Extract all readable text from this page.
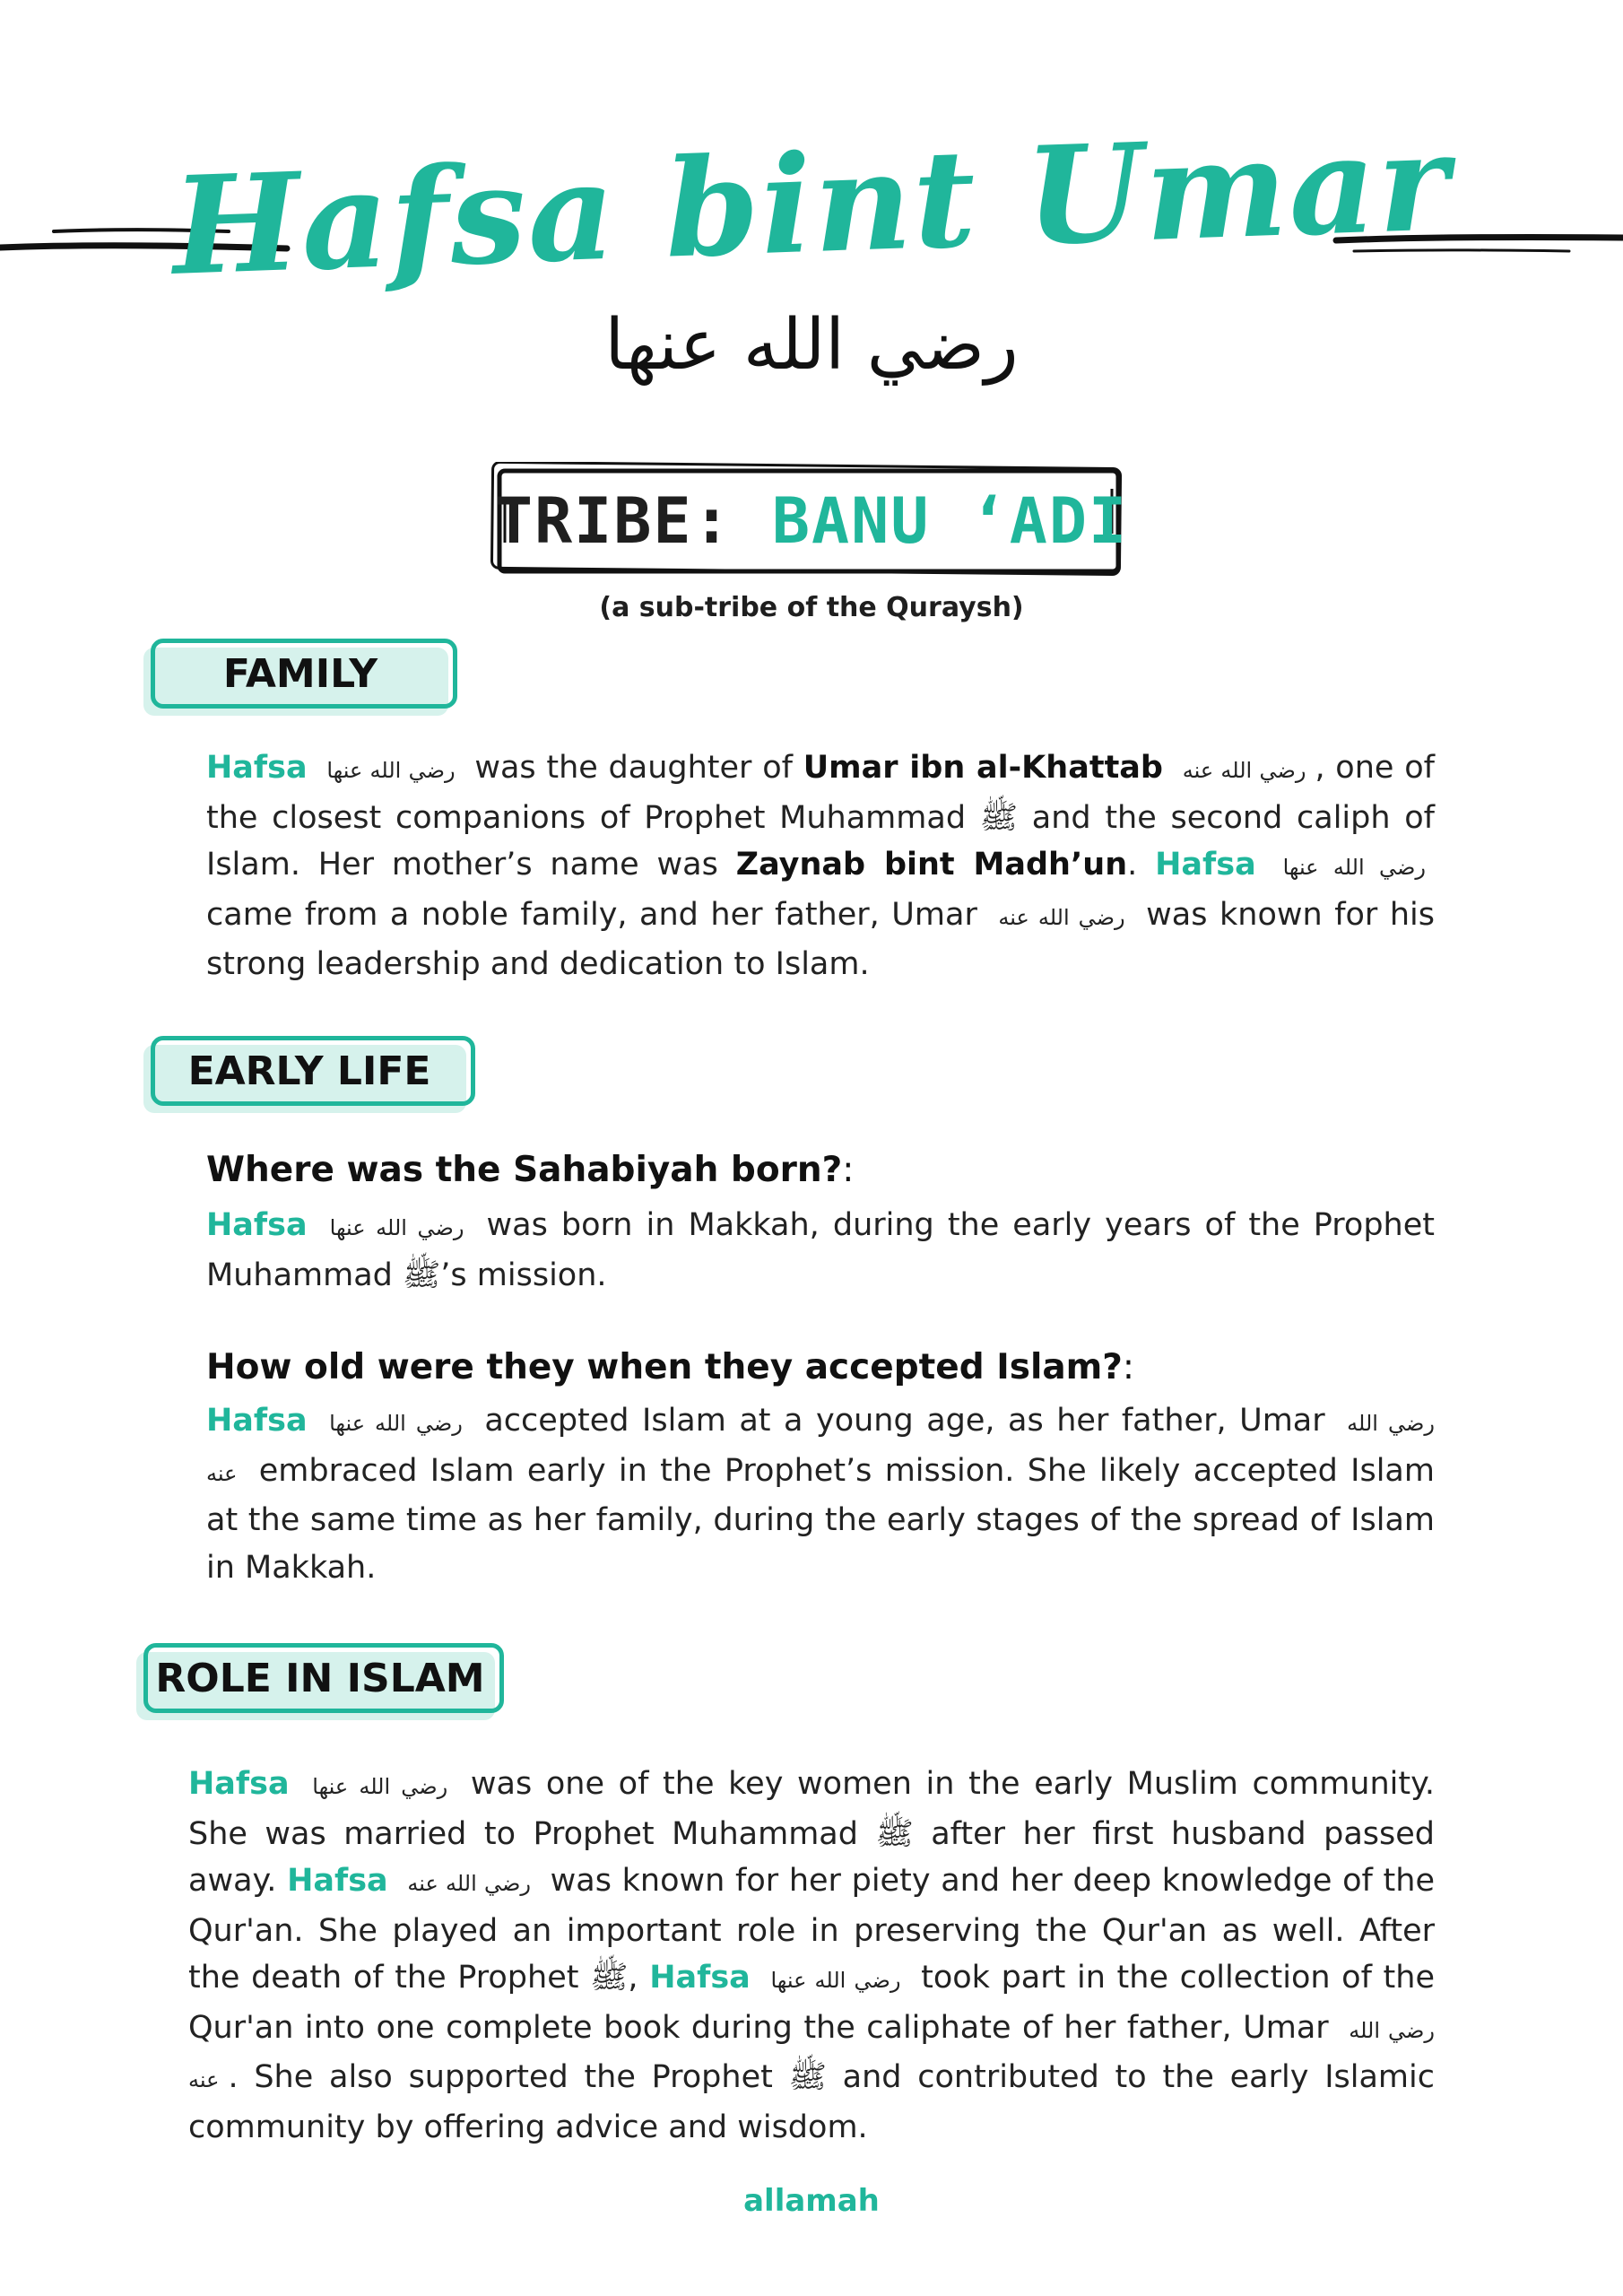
Hafsa bint Umar
رضي الله عنها
TRIBE: BANU ‘ADI
(a sub-tribe of the Quraysh)
FAMILY
Hafsa رضي الله عنها was the daughter of Umar ibn al-Khattab رضي الله عنه , one of the closest companions of Prophet Muhammad ﷺ and the second caliph of Islam. Her mother’s name was Zaynab bint Madh’un. Hafsa رضي الله عنها came from a noble family, and her father, Umar رضي الله عنه was known for his strong leadership and dedication to Islam.
EARLY LIFE
Where was the Sahabiyah born?:
Hafsa رضي الله عنها was born in Makkah, during the early years of the Prophet Muhammad ﷺ’s mission.
How old were they when they accepted Islam?:
Hafsa رضي الله عنها accepted Islam at a young age, as her father, Umar رضي الله عنه embraced Islam early in the Prophet’s mission. She likely accepted Islam at the same time as her family, during the early stages of the spread of Islam in Makkah.
ROLE IN ISLAM
Hafsa رضي الله عنها was one of the key women in the early Muslim community. She was married to Prophet Muhammad ﷺ after her first husband passed away. Hafsa رضي الله عنه was known for her piety and her deep knowledge of the Qur'an. She played an important role in preserving the Qur'an as well. After the death of the Prophet ﷺ, Hafsa رضي الله عنها took part in the collection of the Qur'an into one complete book during the caliphate of her father, Umar رضي الله عنه . She also supported the Prophet ﷺ and contributed to the early Islamic community by offering advice and wisdom.
allamah
